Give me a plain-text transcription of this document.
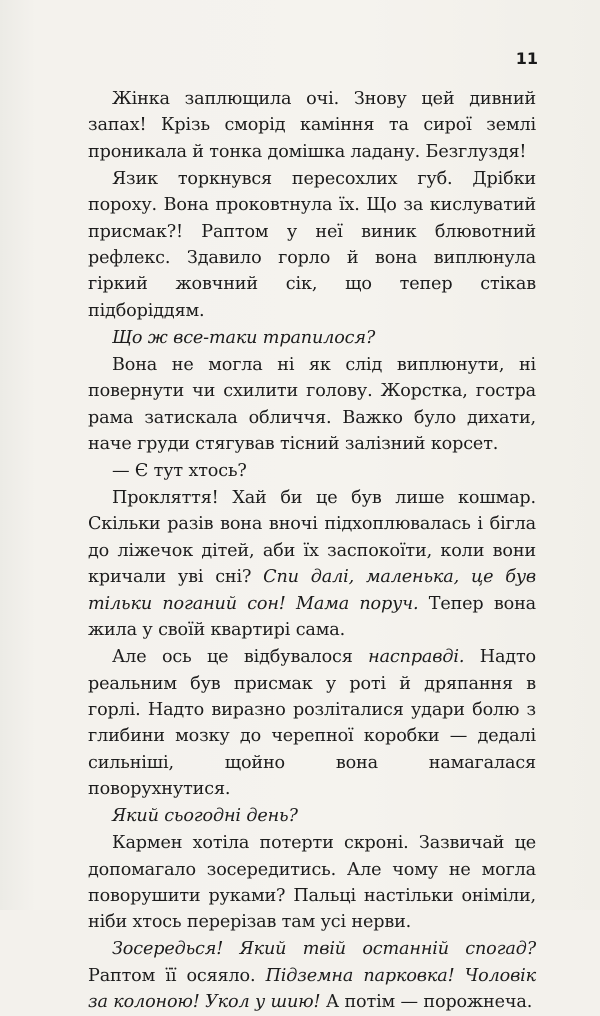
11

Жінка заплющила очі. Знову цей дивний запах! Крізь сморід каміння та сирої землі проникала й тонка домішка ладану. Безглуздя!

Язик торкнувся пересохлих губ. Дрібки пороху. Вона проковтнула їх. Що за кислуватий присмак?! Раптом у неї виник блювотний рефлекс. Здавило горло й вона виплюнула гіркий жовчний сік, що тепер стікав підборіддям.

Що ж все-таки трапилося?

Вона не могла ні як слід виплюнути, ні повернути чи схилити голову. Жорстка, гостра рама затискала обличчя. Важко було дихати, наче груди стягував тісний залізний корсет.

— Є тут хтось?

Прокляття! Хай би це був лише кошмар. Скільки разів вона вночі підхоплювалась і бігла до ліжечок дітей, аби їх заспокоїти, коли вони кричали уві сні? Спи далі, маленька, це був тільки поганий сон! Мама поруч. Тепер вона жила у своїй квартирі сама.

Але ось це відбувалося насправді. Надто реальним був присмак у роті й дряпання в горлі. Надто виразно розліталися удари болю з глибини мозку до черепної коробки — дедалі сильніші, щойно вона намагалася поворухнутися.

Який сьогодні день?

Кармен хотіла потерти скроні. Зазвичай це допомагало зосередитись. Але чому не могла поворушити руками? Пальці настільки оніміли, ніби хтось перерізав там усі нерви.

Зосередься! Який твій останній спогад? Раптом її осяяло. Підземна парковка! Чоловік за колоною! Укол у шию! А потім — порожнеча.
